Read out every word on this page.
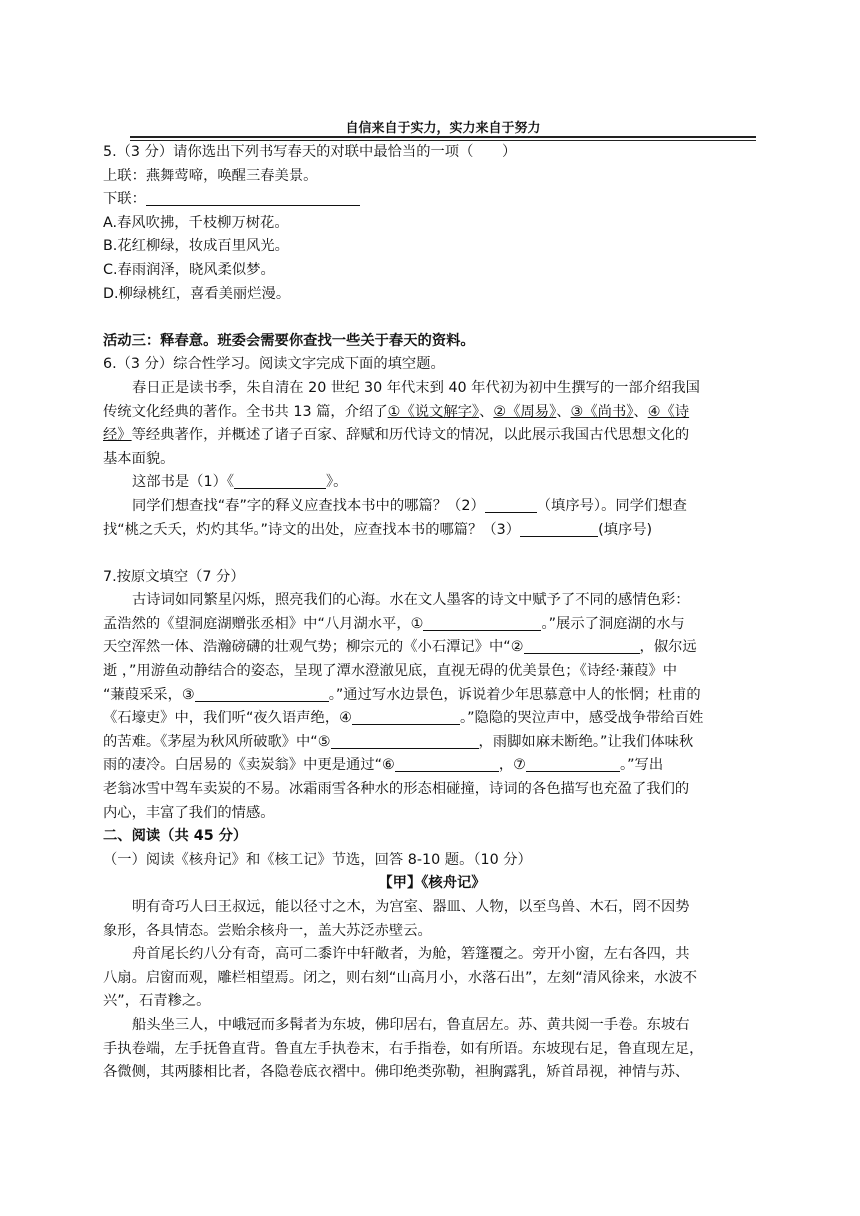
自信来自于实力，实力来自于努力
5.（3 分）请你选出下列书写春天的对联中最恰当的一项（　　）
上联：燕舞莺啼，唤醒三春美景。
下联：
A.春风吹拂，千枝柳万树花。
B.花红柳绿，妆成百里风光。
C.春雨润泽，晓风柔似梦。
D.柳绿桃红，喜看美丽烂漫。
活动三：释春意。班委会需要你查找一些关于春天的资料。
6.（3 分）综合性学习。阅读文字完成下面的填空题。
春日正是读书季，朱自清在 20 世纪 30 年代末到 40 年代初为初中生撰写的一部介绍我国
传统文化经典的著作。全书共 13 篇，介绍了①《说文解字》、②《周易》、③《尚书》、④《诗
经》等经典著作，并概述了诸子百家、辞赋和历代诗文的情况，以此展示我国古代思想文化的
基本面貌。
这部书是（1）《	》。
同学们想查找“春”字的释义应查找本书中的哪篇？（2）	（填序号）。同学们想查
找“桃之夭夭，灼灼其华。”诗文的出处，应查找本书的哪篇？（3）	(填序号)
7.按原文填空（7 分）
古诗词如同繁星闪烁，照亮我们的心海。水在文人墨客的诗文中赋予了不同的感情色彩：
孟浩然的《望洞庭湖赠张丞相》中“八月湖水平，①	。”展示了洞庭湖的水与
天空浑然一体、浩瀚磅礴的壮观气势；柳宗元的《小石潭记》中“②	，俶尔远
逝 ，”用游鱼动静结合的姿态，呈现了潭水澄澈见底，直视无碍的优美景色；《诗经·蒹葭》中
“蒹葭采采，③	。”通过写水边景色，诉说着少年思慕意中人的怅惘；杜甫的
《石壕吏》中，我们听“夜久语声绝，④	。”隐隐的哭泣声中，感受战争带给百姓
的苦难。《茅屋为秋风所破歌》中“⑤	，雨脚如麻未断绝。”让我们体味秋
雨的凄冷。白居易的《卖炭翁》中更是通过“⑥	，⑦	。”写出
老翁冰雪中驾车卖炭的不易。冰霜雨雪各种水的形态相碰撞，诗词的各色描写也充盈了我们的
内心，丰富了我们的情感。
二、阅读（共 45 分）
（一）阅读《核舟记》和《核工记》节选，回答 8-10 题。（10 分）
【甲】《核舟记》
明有奇巧人曰王叔远，能以径寸之木，为宫室、器皿、人物，以至鸟兽、木石，罔不因势
象形，各具情态。尝贻余核舟一，盖大苏泛赤壁云。
舟首尾长约八分有奇，高可二黍许中轩敞者，为舱，箬篷覆之。旁开小窗，左右各四，共
八扇。启窗而观，雕栏相望焉。闭之，则右刻“山高月小，水落石出”，左刻“清风徐来，水波不
兴”，石青糁之。
船头坐三人，中峨冠而多髯者为东坡，佛印居右，鲁直居左。苏、黄共阅一手卷。东坡右
手执卷端，左手抚鲁直背。鲁直左手执卷末，右手指卷，如有所语。东坡现右足，鲁直现左足，
各微侧，其两膝相比者，各隐卷底衣褶中。佛印绝类弥勒，袒胸露乳，矫首昂视，神情与苏、
